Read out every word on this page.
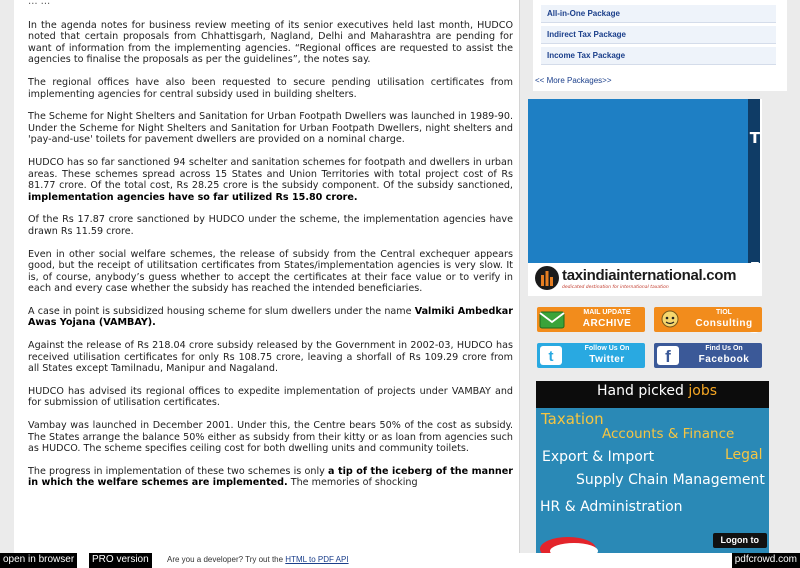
… …

In the agenda notes for business review meeting of its senior executives held last month, HUDCO noted that certain proposals from Chhattisgarh, Nagland, Delhi and Maharashtra are pending for want of information from the implementing agencies. “Regional offices are requested to assist the agencies to finalise the proposals as per the guidelines”, the notes say.

The regional offices have also been requested to secure pending utilisation certificates from implementing agencies for central subsidy used in building shelters.

The Scheme for Night Shelters and Sanitation for Urban Footpath Dwellers was launched in 1989-90. Under the Scheme for Night Shelters and Sanitation for Urban Footpath Dwellers, night shelters and 'pay-and-use' toilets for pavement dwellers are provided on a nominal charge.

HUDCO has so far sanctioned 94 schelter and sanitation schemes for footpath and dwellers in urban areas. These schemes spread across 15 States and Union Territories with total project cost of Rs 81.77 crore. Of the total cost, Rs 28.25 crore is the subsidy component. Of the subsidy sanctioned, implementation agencies have so far utilized Rs 15.80 crore.

Of the Rs 17.87 crore sanctioned by HUDCO under the scheme, the implementation agencies have drawn Rs 11.59 crore.

Even in other social welfare schemes, the release of subsidy from the Central exchequer appears good, but the receipt of utilitsation certificates from States/implementation agencies is very slow. It is, of course, anybody’s guess whether to accept the certificates at their face value or to verify in each and every case whether the subsidy has reached the intended beneficiaries.

A case in point is subsidized housing scheme for slum dwellers under the name Valmiki Ambedkar Awas Yojana (VAMBAY).

Against the release of Rs 218.04 crore subsidy released by the Government in 2002-03, HUDCO has received utilisation certificates for only Rs 108.75 crore, leaving a shorfall of Rs 109.29 crore from all States except Tamilnadu, Manipur and Nagaland.

HUDCO has advised its regional offices to expedite implementation of projects under VAMBAY and for submission of utilisation certificates.

Vambay was launched in December 2001. Under this, the Centre bears 50% of the cost as subsidy. The States arrange the balance 50% either as subsidy from their kitty or as loan from agencies such as HUDCO. The scheme specifies ceiling cost for both dwelling units and community toilets.

The progress in implementation of these two schemes is only a tip of the iceberg of the manner in which the welfare schemes are implemented. The memories of shocking

All-in-One Package
Indirect Tax Package
Income Tax Package
<< More Packages>>
T
taxindiainternational.com
dedicated destination for international taxation
MAIL UPDATE
ARCHIVE
TIOL
Consulting
t	Follow Us On
Twitter	f	Find Us On
Facebook
Hand picked jobs
Taxation
Accounts & Finance
Export & Import	Legal
Supply Chain Management
HR & Administration
Logon to
open in browser	PRO version	Are you a developer? Try out the HTML to PDF API	pdfcrowd.com
